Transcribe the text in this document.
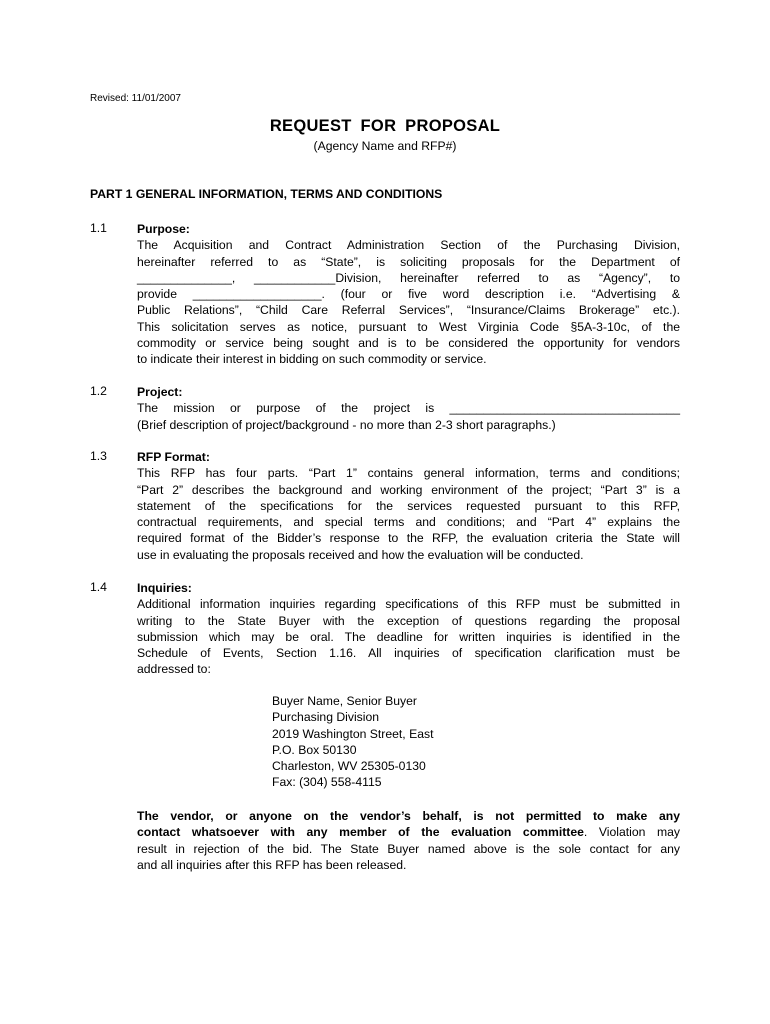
Revised: 11/01/2007
REQUEST FOR PROPOSAL
(Agency Name and RFP#)
PART 1 GENERAL INFORMATION, TERMS AND CONDITIONS
1.1 Purpose:
The Acquisition and Contract Administration Section of the Purchasing Division,
hereinafter referred to as “State”, is soliciting proposals for the Department of
______________, ____________Division, hereinafter referred to as “Agency”, to
provide ___________________. (four or five word description i.e. “Advertising &
Public Relations”, “Child Care Referral Services”, “Insurance/Claims Brokerage” etc.).
This solicitation serves as notice, pursuant to West Virginia Code §5A-3-10c, of the
commodity or service being sought and is to be considered the opportunity for vendors
to indicate their interest in bidding on such commodity or service.
1.2 Project:
The mission or purpose of the project is __________________________________
(Brief description of project/background - no more than 2-3 short paragraphs.)
1.3 RFP Format:
This RFP has four parts. “Part 1” contains general information, terms and conditions;
“Part 2” describes the background and working environment of the project; “Part 3” is a
statement of the specifications for the services requested pursuant to this RFP,
contractual requirements, and special terms and conditions; and “Part 4” explains the
required format of the Bidder’s response to the RFP, the evaluation criteria the State will
use in evaluating the proposals received and how the evaluation will be conducted.
1.4 Inquiries:
Additional information inquiries regarding specifications of this RFP must be submitted in
writing to the State Buyer with the exception of questions regarding the proposal
submission which may be oral. The deadline for written inquiries is identified in the
Schedule of Events, Section 1.16. All inquiries of specification clarification must be
addressed to:
Buyer Name, Senior Buyer
Purchasing Division
2019 Washington Street, East
P.O. Box 50130
Charleston, WV 25305-0130
Fax: (304) 558-4115
The vendor, or anyone on the vendor’s behalf, is not permitted to make any
contact whatsoever with any member of the evaluation committee. Violation may
result in rejection of the bid. The State Buyer named above is the sole contact for any
and all inquiries after this RFP has been released.
